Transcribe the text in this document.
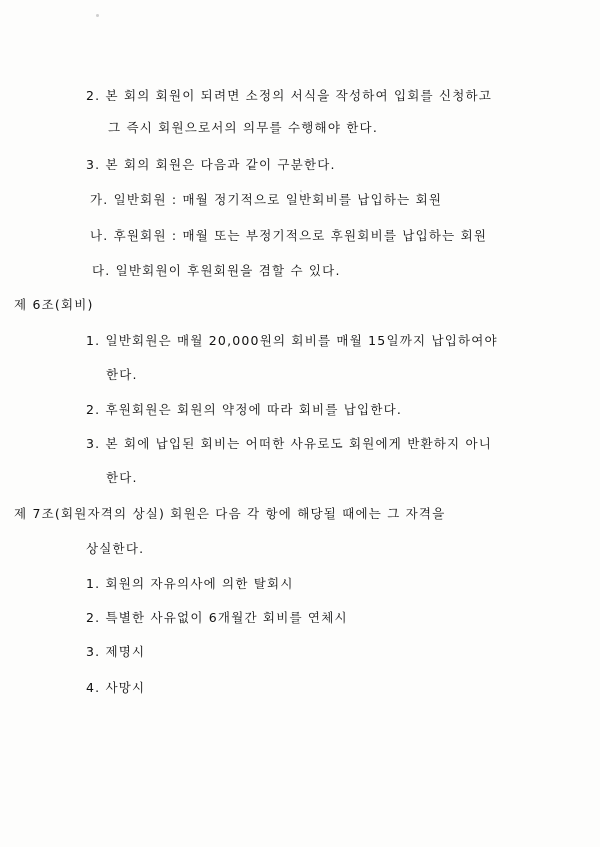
2. 본 회의 회원이 되려면 소정의 서식을 작성하여 입회를 신청하고
그 즉시 회원으로서의 의무를 수행해야 한다.
3. 본 회의 회원은 다음과 같이 구분한다.
가. 일반회원 : 매월 정기적으로 일반회비를 납입하는 회원
나. 후원회원 : 매월 또는 부정기적으로 후원회비를 납입하는 회원
다. 일반회원이 후원회원을 겸할 수 있다.
제 6조(회비)
1. 일반회원은 매월 20,000원의 회비를 매월 15일까지 납입하여야
한다.
2. 후원회원은 회원의 약정에 따라 회비를 납입한다.
3. 본 회에 납입된 회비는 어떠한 사유로도 회원에게 반환하지 아니
한다.
제 7조(회원자격의 상실) 회원은 다음 각 항에 해당될 때에는 그 자격을
상실한다.
1. 회원의 자유의사에 의한 탈회시
2. 특별한 사유없이 6개월간 회비를 연체시
3. 제명시
4. 사망시
